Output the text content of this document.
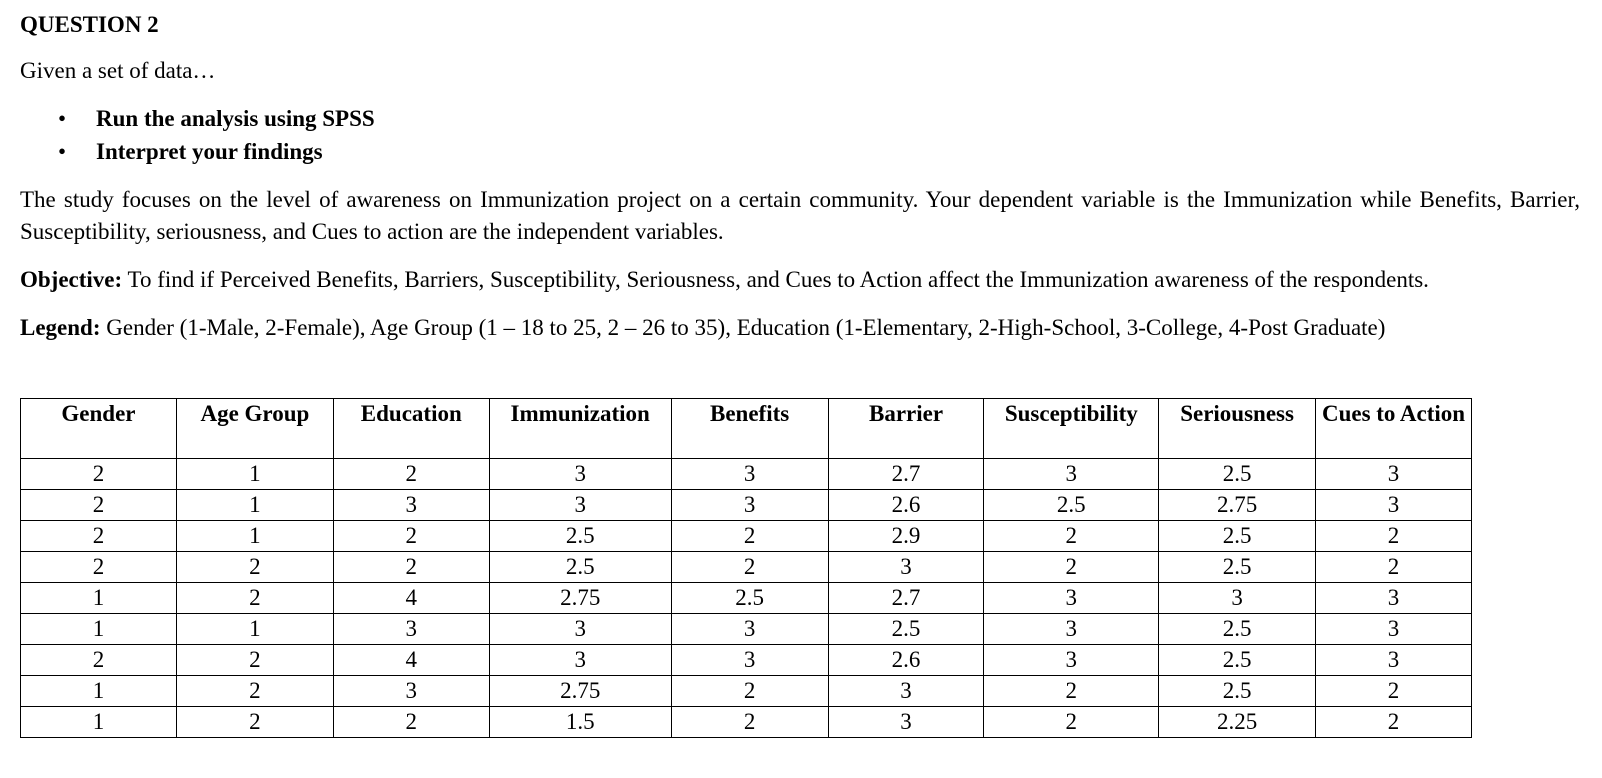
QUESTION 2
Given a set of data…
• Run the analysis using SPSS
• Interpret your findings
The study focuses on the level of awareness on Immunization project on a certain community. Your dependent variable is the Immunization while Benefits, Barrier, Susceptibility, seriousness, and Cues to action are the independent variables.
Objective: To find if Perceived Benefits, Barriers, Susceptibility, Seriousness, and Cues to Action affect the Immunization awareness of the respondents.
Legend: Gender (1-Male, 2-Female), Age Group (1 – 18 to 25, 2 – 26 to 35), Education (1-Elementary, 2-High-School, 3-College, 4-Post Graduate)
Gender	Age Group	Education	Immunization	Benefits	Barrier	Susceptibility	Seriousness	Cues to Action
2	1	2	3	3	2.7	3	2.5	3
2	1	3	3	3	2.6	2.5	2.75	3
2	1	2	2.5	2	2.9	2	2.5	2
2	2	2	2.5	2	3	2	2.5	2
1	2	4	2.75	2.5	2.7	3	3	3
1	1	3	3	3	2.5	3	2.5	3
2	2	4	3	3	2.6	3	2.5	3
1	2	3	2.75	2	3	2	2.5	2
1	2	2	1.5	2	3	2	2.25	2
